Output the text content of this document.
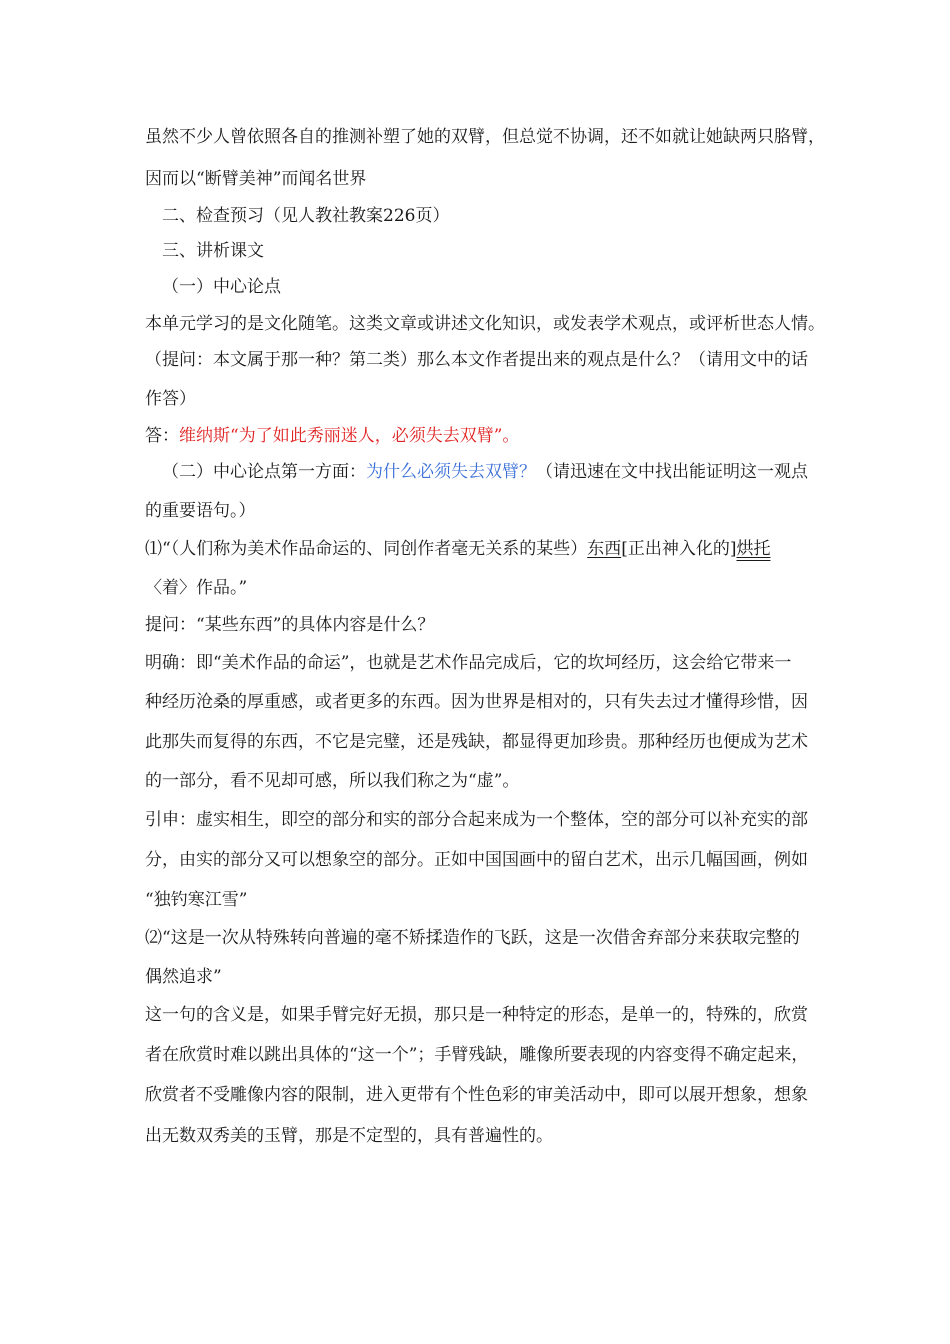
虽然不少人曾依照各自的推测补塑了她的双臂，但总觉不协调，还不如就让她缺两只胳臂，

因而以“断臂美神”而闻名世界

二、检查预习（见人教社教案226页）

三、讲析课文

（一）中心论点

本单元学习的是文化随笔。这类文章或讲述文化知识，或发表学术观点，或评析世态人情。

（提问：本文属于那一种？第二类）那么本文作者提出来的观点是什么？（请用文中的话

作答）

答：维纳斯“为了如此秀丽迷人，必须失去双臂”。

（二）中心论点第一方面：为什么必须失去双臂？（请迅速在文中找出能证明这一观点

的重要语句。）

⑴“（人们称为美术作品命运的、同创作者毫无关系的某些）东西[正出神入化的]烘托

〈着〉作品。”

提问：“某些东西”的具体内容是什么？

明确：即“美术作品的命运”，也就是艺术作品完成后，它的坎坷经历，这会给它带来一

种经历沧桑的厚重感，或者更多的东西。因为世界是相对的，只有失去过才懂得珍惜，因

此那失而复得的东西，不它是完璧，还是残缺，都显得更加珍贵。那种经历也便成为艺术

的一部分，看不见却可感，所以我们称之为“虚”。

引申：虚实相生，即空的部分和实的部分合起来成为一个整体，空的部分可以补充实的部

分，由实的部分又可以想象空的部分。正如中国国画中的留白艺术，出示几幅国画，例如

“独钓寒江雪”

⑵“这是一次从特殊转向普遍的毫不矫揉造作的飞跃，这是一次借舍弃部分来获取完整的

偶然追求”

这一句的含义是，如果手臂完好无损，那只是一种特定的形态，是单一的，特殊的，欣赏

者在欣赏时难以跳出具体的“这一个”；手臂残缺，雕像所要表现的内容变得不确定起来，

欣赏者不受雕像内容的限制，进入更带有个性色彩的审美活动中，即可以展开想象，想象

出无数双秀美的玉臂，那是不定型的，具有普遍性的。
